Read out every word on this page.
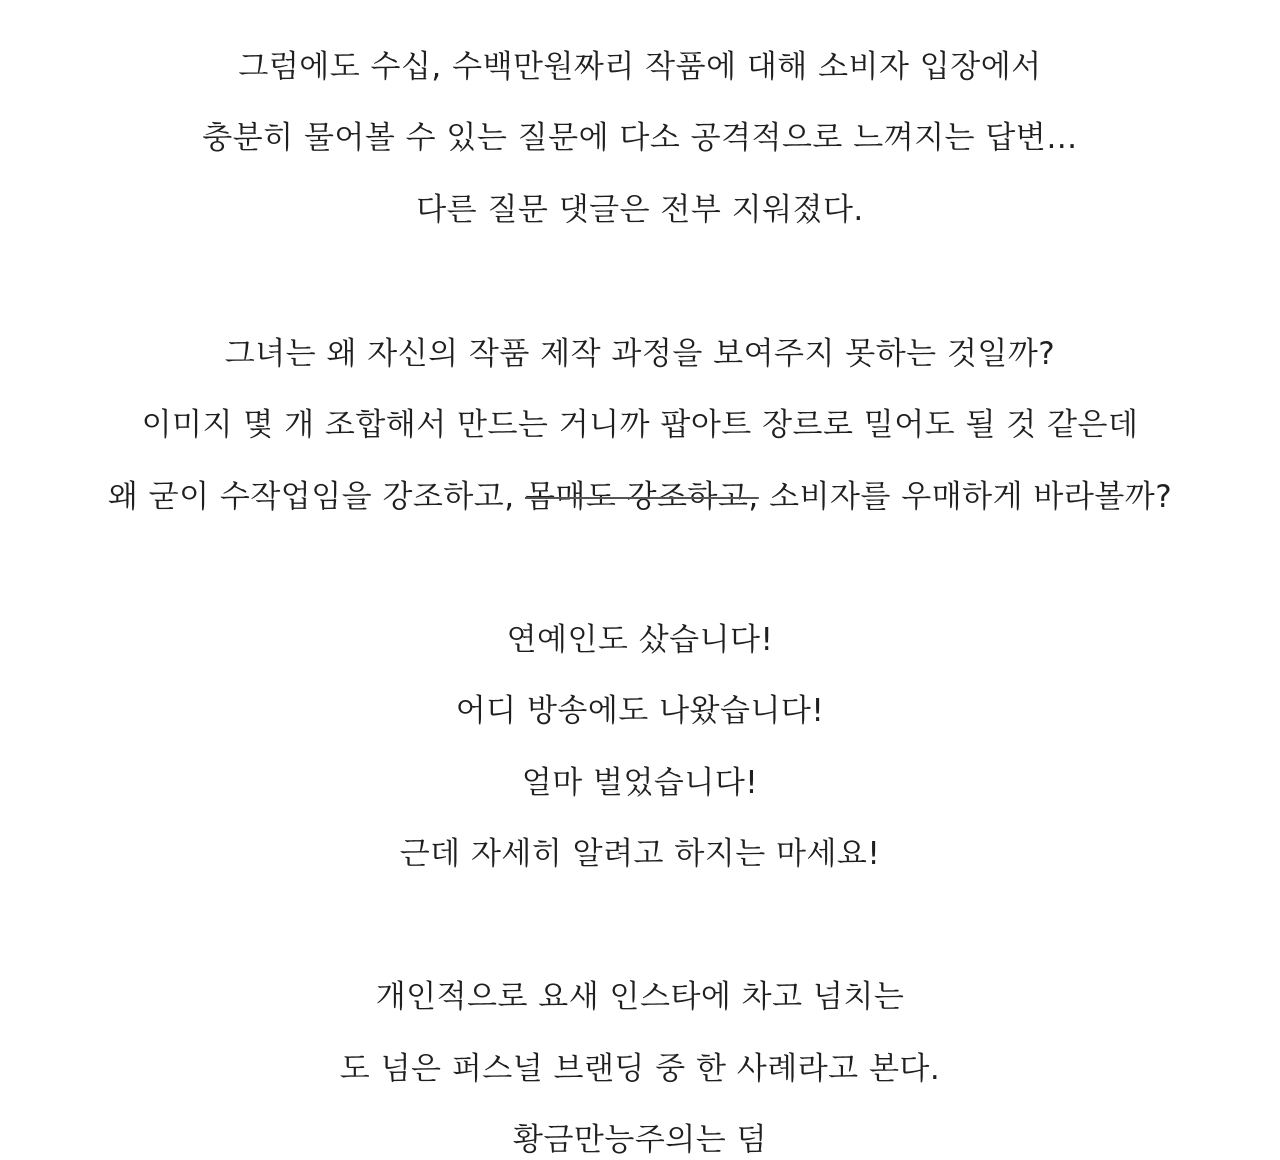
그럼에도 수십, 수백만원짜리 작품에 대해 소비자 입장에서

충분히 물어볼 수 있는 질문에 다소 공격적으로 느껴지는 답변…

다른 질문 댓글은 전부 지워졌다.

그녀는 왜 자신의 작품 제작 과정을 보여주지 못하는 것일까?

이미지 몇 개 조합해서 만드는 거니까 팝아트 장르로 밀어도 될 것 같은데

왜 굳이 수작업임을 강조하고, 몸매도 강조하고, 소비자를 우매하게 바라볼까?

연예인도 샀습니다!

어디 방송에도 나왔습니다!

얼마 벌었습니다!

근데 자세히 알려고 하지는 마세요!

개인적으로 요새 인스타에 차고 넘치는

도 넘은 퍼스널 브랜딩 중 한 사례라고 본다.

황금만능주의는 덤
